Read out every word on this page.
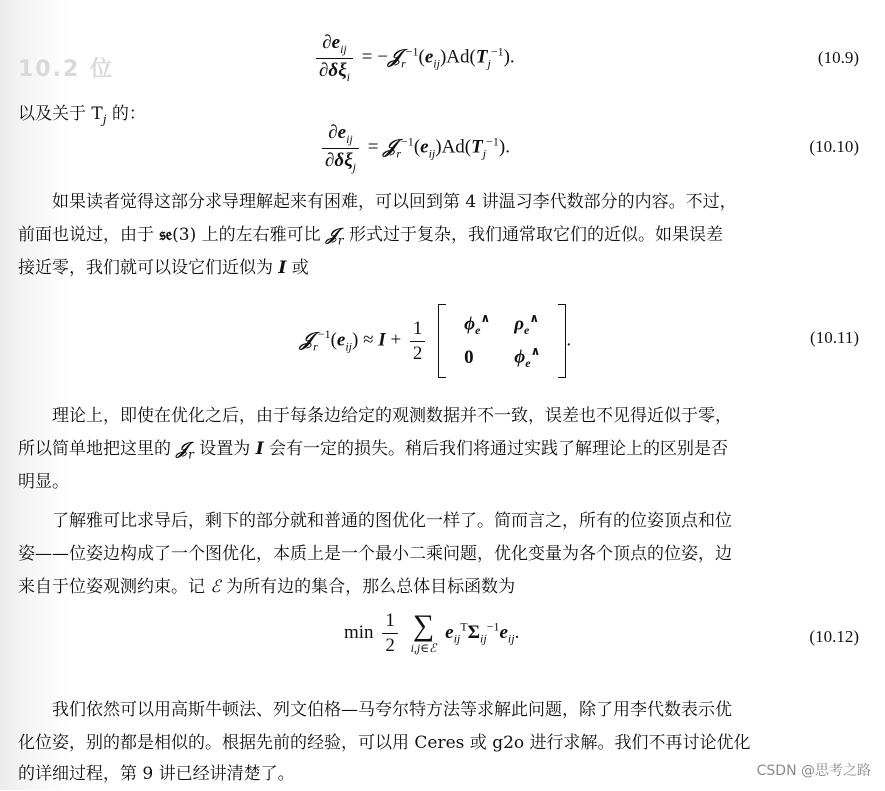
10.2 位	$\frac{\partial e_{ij}}{\partial\delta\xi_i}$ = $-𝒥_r^{-1}(e_{ij})Ad(T_j^{-1})$.	(10.9)
以及关于 $T_j$ 的：
$\frac{\partial e_{ij}}{\partial\delta\xi_j}$ = $𝒥_r^{-1}(e_{ij})Ad(T_j^{-1})$.	(10.10)
如果读者觉得这部分求导理解起来有困难，可以回到第 4 讲温习李代数部分的内容。不过，
前面也说过，由于 𝔰𝔢(3) 上的左右雅可比 𝒥$_r$ 形式过于复杂，我们通常取它们的近似。如果误差
接近零，我们就可以设它们近似为 I 或
$𝒥_r^{-1}(e_{ij}) \approx I + \frac{1}{2}$
$\phi_e^\wedge$	$\rho_e^\wedge$
0	$\phi_e^\wedge$
.	(10.11)
理论上，即使在优化之后，由于每条边给定的观测数据并不一致，误差也不见得近似于零，
所以简单地把这里的 𝒥$_r$ 设置为 I 会有一定的损失。稍后我们将通过实践了解理论上的区别是否
明显。
了解雅可比求导后，剩下的部分就和普通的图优化一样了。简而言之，所有的位姿顶点和位
姿——位姿边构成了一个图优化，本质上是一个最小二乘问题，优化变量为各个顶点的位姿，边
来自于位姿观测约束。记 ℰ 为所有边的集合，那么总体目标函数为
$\min \frac{1}{2}$
∑
i,j∈ℰ
$e_{ij}^T\Sigma_{ij}^{-1}e_{ij}$.	(10.12)
我们依然可以用高斯牛顿法、列文伯格—马夸尔特方法等求解此问题，除了用李代数表示优
化位姿，别的都是相似的。根据先前的经验，可以用 Ceres 或 g2o 进行求解。我们不再讨论优化
的详细过程，第 9 讲已经讲清楚了。	CSDN @思考之路
